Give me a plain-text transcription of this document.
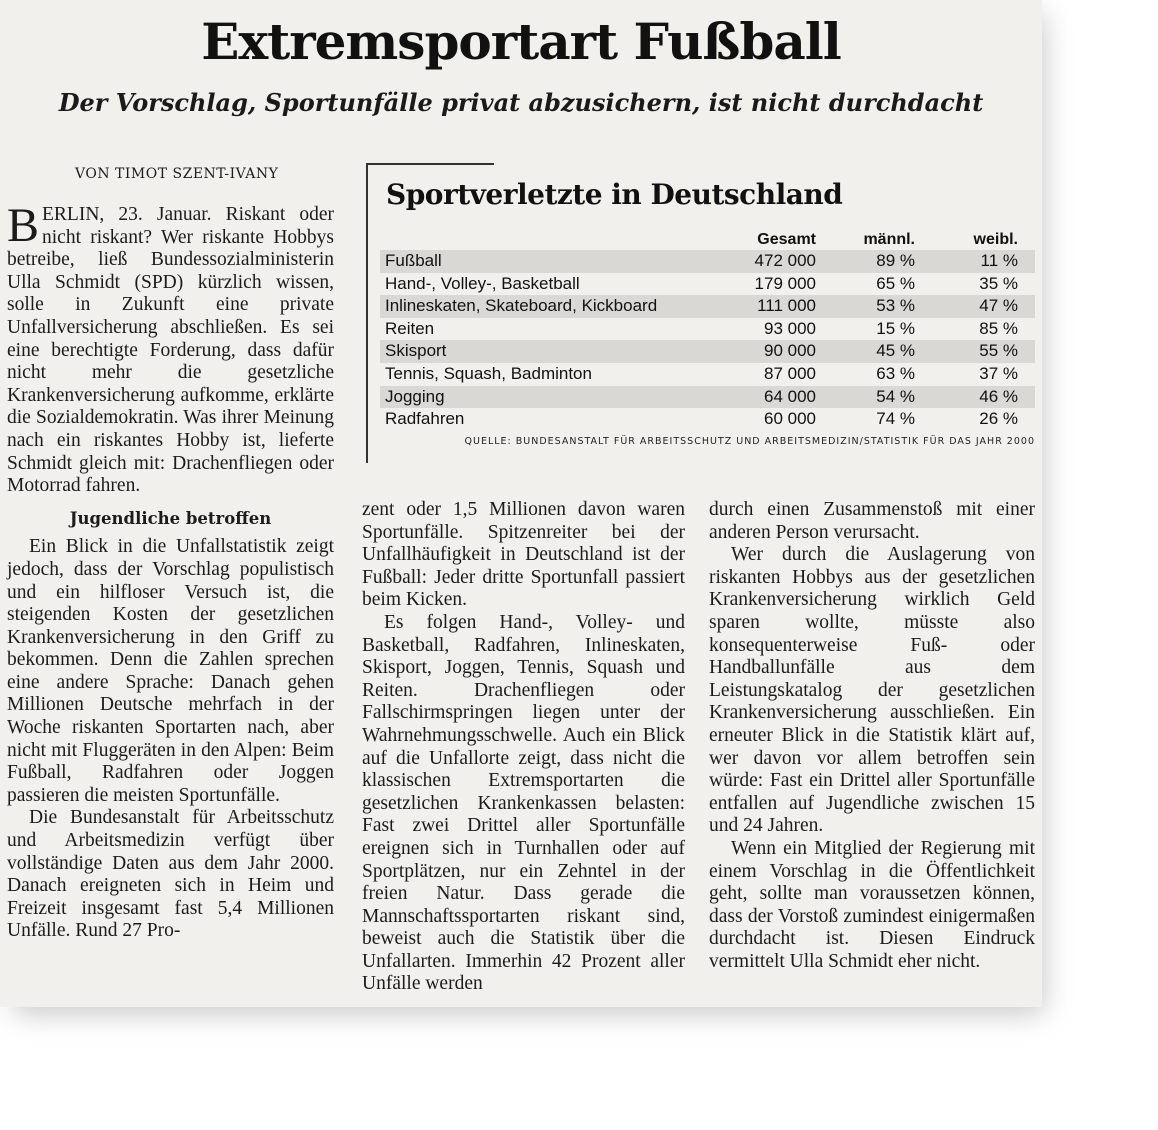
Extremsportart Fußball
Der Vorschlag, Sportunfälle privat abzusichern, ist nicht durchdacht
VON TIMOT SZENT-IVANY

BERLIN, 23. Januar. Riskant oder nicht riskant? Wer riskante Hobbys betreibe, ließ Bundessozialministerin Ulla Schmidt (SPD) kürzlich wissen, solle in Zukunft eine private Unfallversicherung abschließen. Es sei eine berechtigte Forderung, dass dafür nicht mehr die gesetzliche Krankenversicherung aufkomme, erklärte die Sozialdemokratin. Was ihrer Meinung nach ein riskantes Hobby ist, lieferte Schmidt gleich mit: Drachenfliegen oder Motorrad fahren.

Jugendliche betroffen

Ein Blick in die Unfallstatistik zeigt jedoch, dass der Vorschlag populistisch und ein hilfloser Versuch ist, die steigenden Kosten der gesetzlichen Krankenversicherung in den Griff zu bekommen. Denn die Zahlen sprechen eine andere Sprache: Danach gehen Millionen Deutsche mehrfach in der Woche riskanten Sportarten nach, aber nicht mit Fluggeräten in den Alpen: Beim Fußball, Radfahren oder Joggen passieren die meisten Sportunfälle.

Die Bundesanstalt für Arbeitsschutz und Arbeitsmedizin verfügt über vollständige Daten aus dem Jahr 2000. Danach ereigneten sich in Heim und Freizeit insgesamt fast 5,4 Millionen Unfälle. Rund 27 Pro-

Sportverletzte in Deutschland
Gesamt	männl.	weibl.
Fußball	472 000	89 %	11 %
Hand-, Volley-, Basketball	179 000	65 %	35 %
Inlineskaten, Skateboard, Kickboard	111 000	53 %	47 %
Reiten	93 000	15 %	85 %
Skisport	90 000	45 %	55 %
Tennis, Squash, Badminton	87 000	63 %	37 %
Jogging	64 000	54 %	46 %
Radfahren	60 000	74 %	26 %
QUELLE: BUNDESANSTALT FÜR ARBEITSSCHUTZ UND ARBEITSMEDIZIN/STATISTIK FÜR DAS JAHR 2000

zent oder 1,5 Millionen davon waren Sportunfälle. Spitzenreiter bei der Unfallhäufigkeit in Deutschland ist der Fußball: Jeder dritte Sportunfall passiert beim Kicken.

Es folgen Hand-, Volley- und Basketball, Radfahren, Inlineskaten, Skisport, Joggen, Tennis, Squash und Reiten. Drachenfliegen oder Fallschirmspringen liegen unter der Wahrnehmungsschwelle. Auch ein Blick auf die Unfallorte zeigt, dass nicht die klassischen Extremsportarten die gesetzlichen Krankenkassen belasten: Fast zwei Drittel aller Sportunfälle ereignen sich in Turnhallen oder auf Sportplätzen, nur ein Zehntel in der freien Natur. Dass gerade die Mannschaftssportarten riskant sind, beweist auch die Statistik über die Unfallarten. Immerhin 42 Prozent aller Unfälle werden

durch einen Zusammenstoß mit einer anderen Person verursacht.

Wer durch die Auslagerung von riskanten Hobbys aus der gesetzlichen Krankenversicherung wirklich Geld sparen wollte, müsste also konsequenterweise Fuß- oder Handballunfälle aus dem Leistungskatalog der gesetzlichen Krankenversicherung ausschließen. Ein erneuter Blick in die Statistik klärt auf, wer davon vor allem betroffen sein würde: Fast ein Drittel aller Sportunfälle entfallen auf Jugendliche zwischen 15 und 24 Jahren.

Wenn ein Mitglied der Regierung mit einem Vorschlag in die Öffentlichkeit geht, sollte man voraussetzen können, dass der Vorstoß zumindest einigermaßen durchdacht ist. Diesen Eindruck vermittelt Ulla Schmidt eher nicht.
